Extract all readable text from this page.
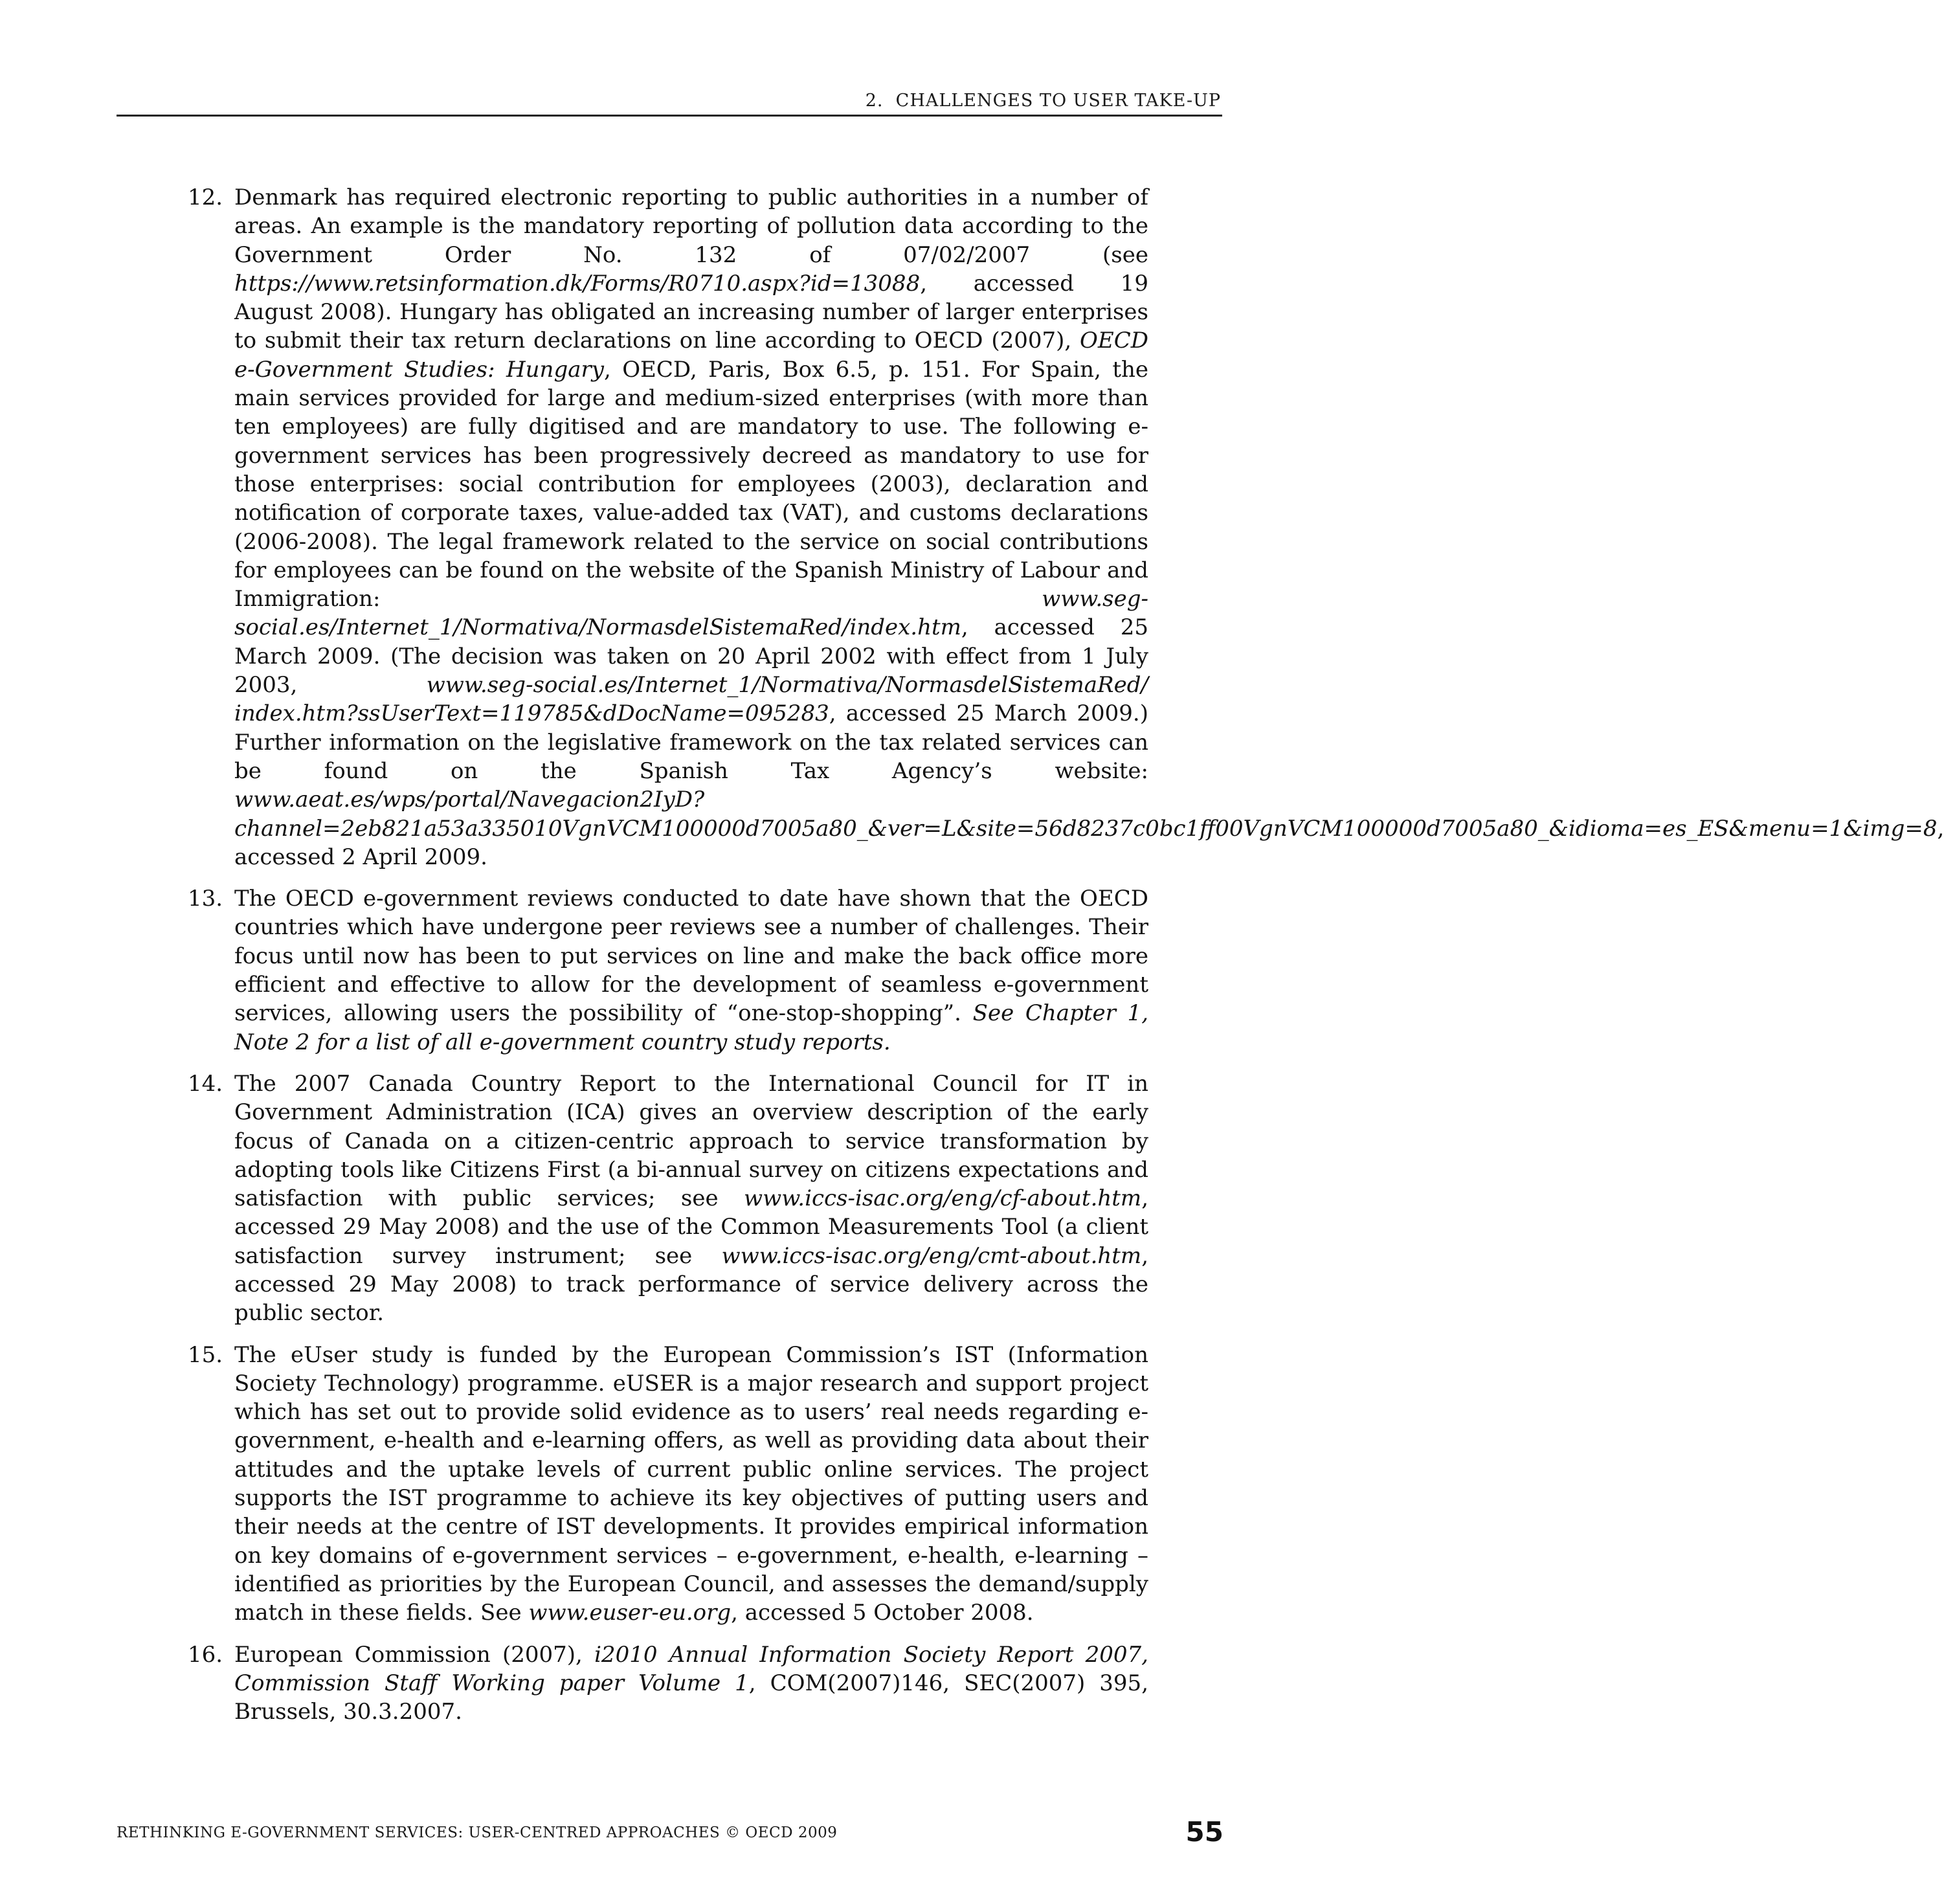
2.  CHALLENGES TO USER TAKE-UP
12. Denmark has required electronic reporting to public authorities in a number of areas. An example is the mandatory reporting of pollution data according to the Government Order No. 132 of 07/02/2007 (see https://www.retsinformation.dk/Forms/R0710.aspx?id=13088, accessed 19 August 2008). Hungary has obligated an increasing number of larger enterprises to submit their tax return declarations on line according to OECD (2007), OECD e-Government Studies: Hungary, OECD, Paris, Box 6.5, p. 151. For Spain, the main services provided for large and medium-sized enterprises (with more than ten employees) are fully digitised and are mandatory to use. The following e-government services has been progressively decreed as mandatory to use for those enterprises: social contribution for employees (2003), declaration and notification of corporate taxes, value-added tax (VAT), and customs declarations (2006-2008). The legal framework related to the service on social contributions for employees can be found on the website of the Spanish Ministry of Labour and Immigration: www.seg-social.es/Internet_1/Normativa/NormasdelSistemaRed/index.htm, accessed 25 March 2009. (The decision was taken on 20 April 2002 with effect from 1 July 2003, www.seg-social.es/Internet_1/Normativa/NormasdelSistemaRed/ index.htm?ssUserText=119785&dDocName=095283, accessed 25 March 2009.) Further information on the legislative framework on the tax related services can be found on the Spanish Tax Agency’s website: www.aeat.es/wps/portal/Navegacion2IyD?channel=2eb821a53a335010VgnVCM100000d7005a80_&ver=L&site=56d8237c0bc1ff00VgnVCM100000d7005a80_&idioma=es_ES&menu=1&img=8, accessed 2 April 2009.
13. The OECD e-government reviews conducted to date have shown that the OECD countries which have undergone peer reviews see a number of challenges. Their focus until now has been to put services on line and make the back office more efficient and effective to allow for the development of seamless e-government services, allowing users the possibility of “one-stop-shopping”. See Chapter 1, Note 2 for a list of all e-government country study reports.
14. The 2007 Canada Country Report to the International Council for IT in Government Administration (ICA) gives an overview description of the early focus of Canada on a citizen-centric approach to service transformation by adopting tools like Citizens First (a bi-annual survey on citizens expectations and satisfaction with public services; see www.iccs-isac.org/eng/cf-about.htm, accessed 29 May 2008) and the use of the Common Measurements Tool (a client satisfaction survey instrument; see www.iccs-isac.org/eng/cmt-about.htm, accessed 29 May 2008) to track performance of service delivery across the public sector.
15. The eUser study is funded by the European Commission’s IST (Information Society Technology) programme. eUSER is a major research and support project which has set out to provide solid evidence as to users’ real needs regarding e-government, e-health and e-learning offers, as well as providing data about their attitudes and the uptake levels of current public online services. The project supports the IST programme to achieve its key objectives of putting users and their needs at the centre of IST developments. It provides empirical information on key domains of e-government services – e-government, e-health, e-learning – identified as priorities by the European Council, and assesses the demand/supply match in these fields. See www.euser-eu.org, accessed 5 October 2008.
16. European Commission (2007), i2010 Annual Information Society Report 2007, Commission Staff Working paper Volume 1, COM(2007)146, SEC(2007) 395, Brussels, 30.3.2007.
RETHINKING E-GOVERNMENT SERVICES: USER-CENTRED APPROACHES © OECD 2009	55
